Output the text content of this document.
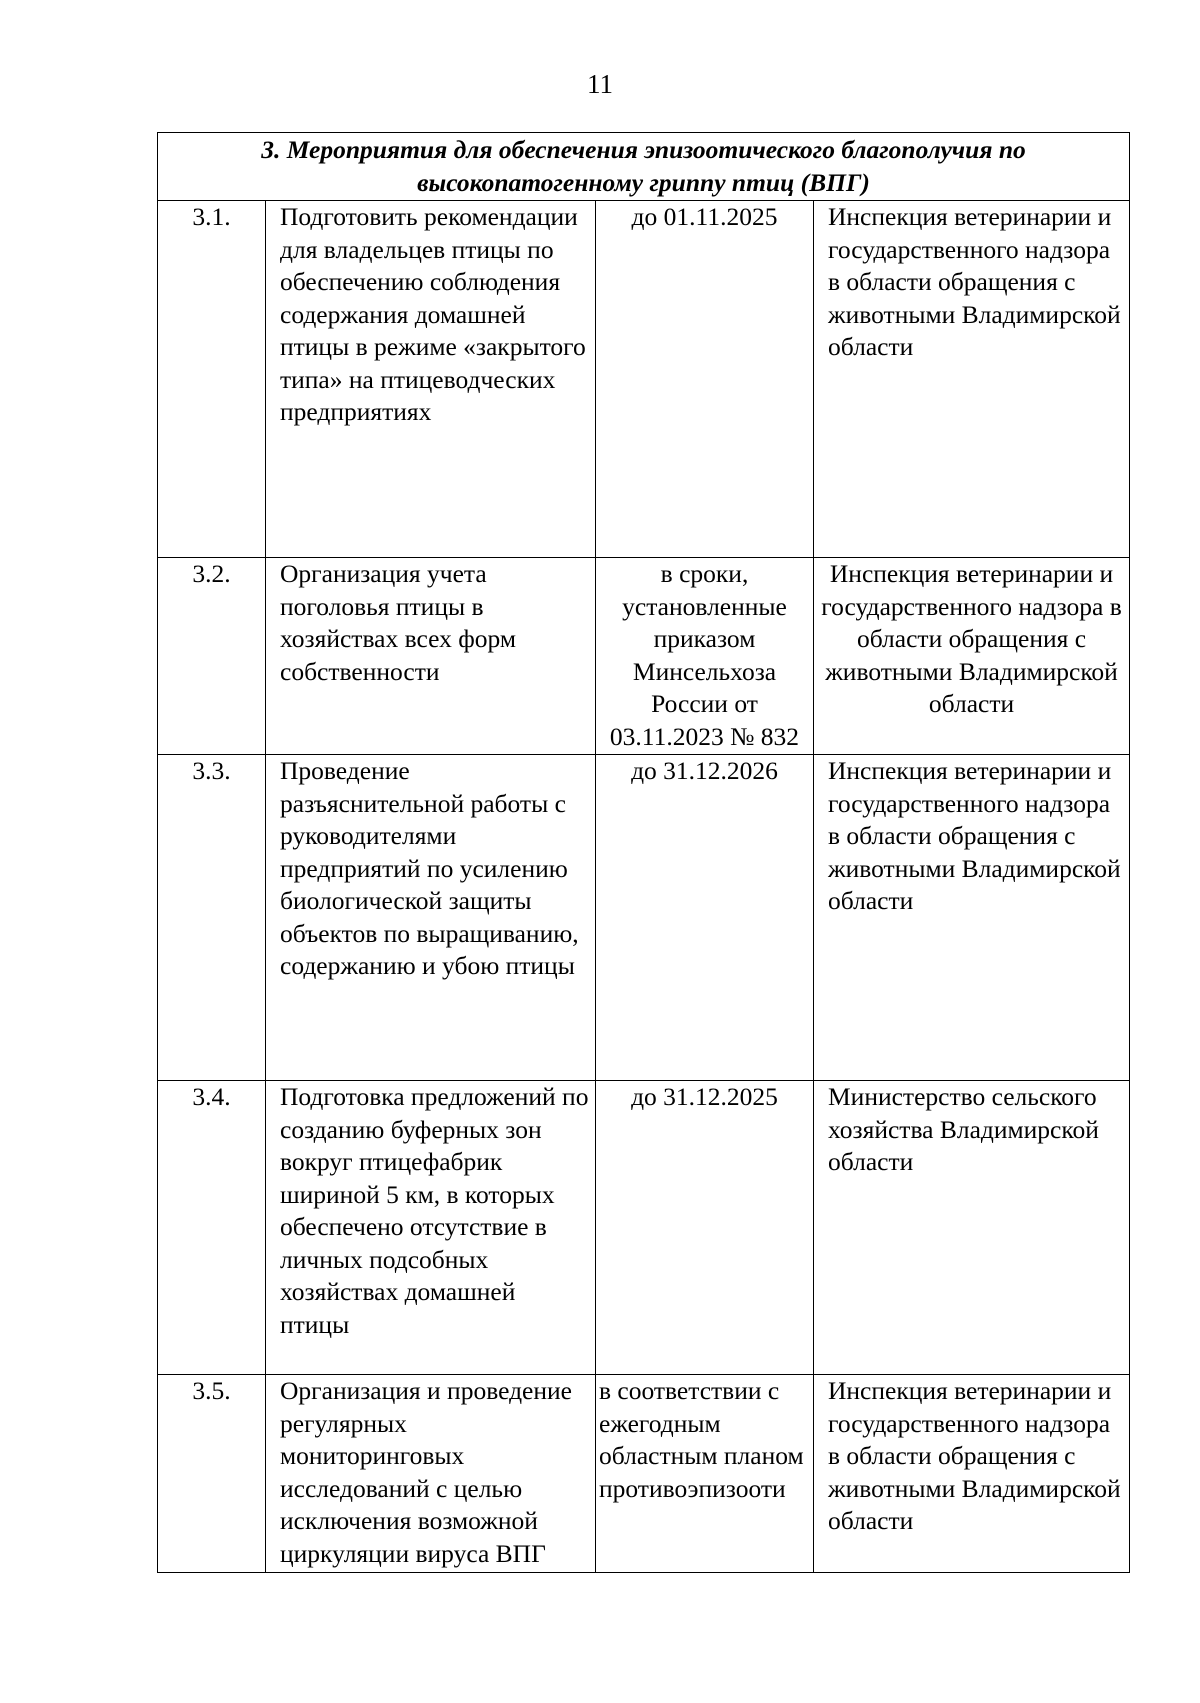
11
3. Мероприятия для обеспечения эпизоотического благополучия по высокопатогенному гриппу птиц (ВПГ)			
3.1.	Подготовить рекомендации для владельцев птицы по обеспечению соблюдения содержания домашней птицы в режиме «закрытого типа» на птицеводческих предприятиях	до 01.11.2025	Инспекция ветеринарии и государственного надзора в области обращения с животными Владимирской области
3.2.	Организация учета поголовья птицы в хозяйствах всех форм собственности	в сроки, установленные приказом Минсельхоза России от 03.11.2023 № 832	Инспекция ветеринарии и государственного надзора в области обращения с животными Владимирской области
3.3.	Проведение разъяснительной работы с руководителями предприятий по усилению биологической защиты объектов по выращиванию, содержанию и убою птицы	до 31.12.2026	Инспекция ветеринарии и государственного надзора в области обращения с животными Владимирской области
3.4.	Подготовка предложений по созданию буферных зон вокруг птицефабрик шириной 5 км, в которых обеспечено отсутствие в личных подсобных хозяйствах домашней птицы	до 31.12.2025	Министерство сельского хозяйства Владимирской области
3.5.	Организация и проведение регулярных мониторинговых исследований с целью исключения возможной циркуляции вируса ВПГ	в соответствии с ежегодным областным планом противоэпизооти	Инспекция ветеринарии и государственного надзора в области обращения с животными Владимирской области
